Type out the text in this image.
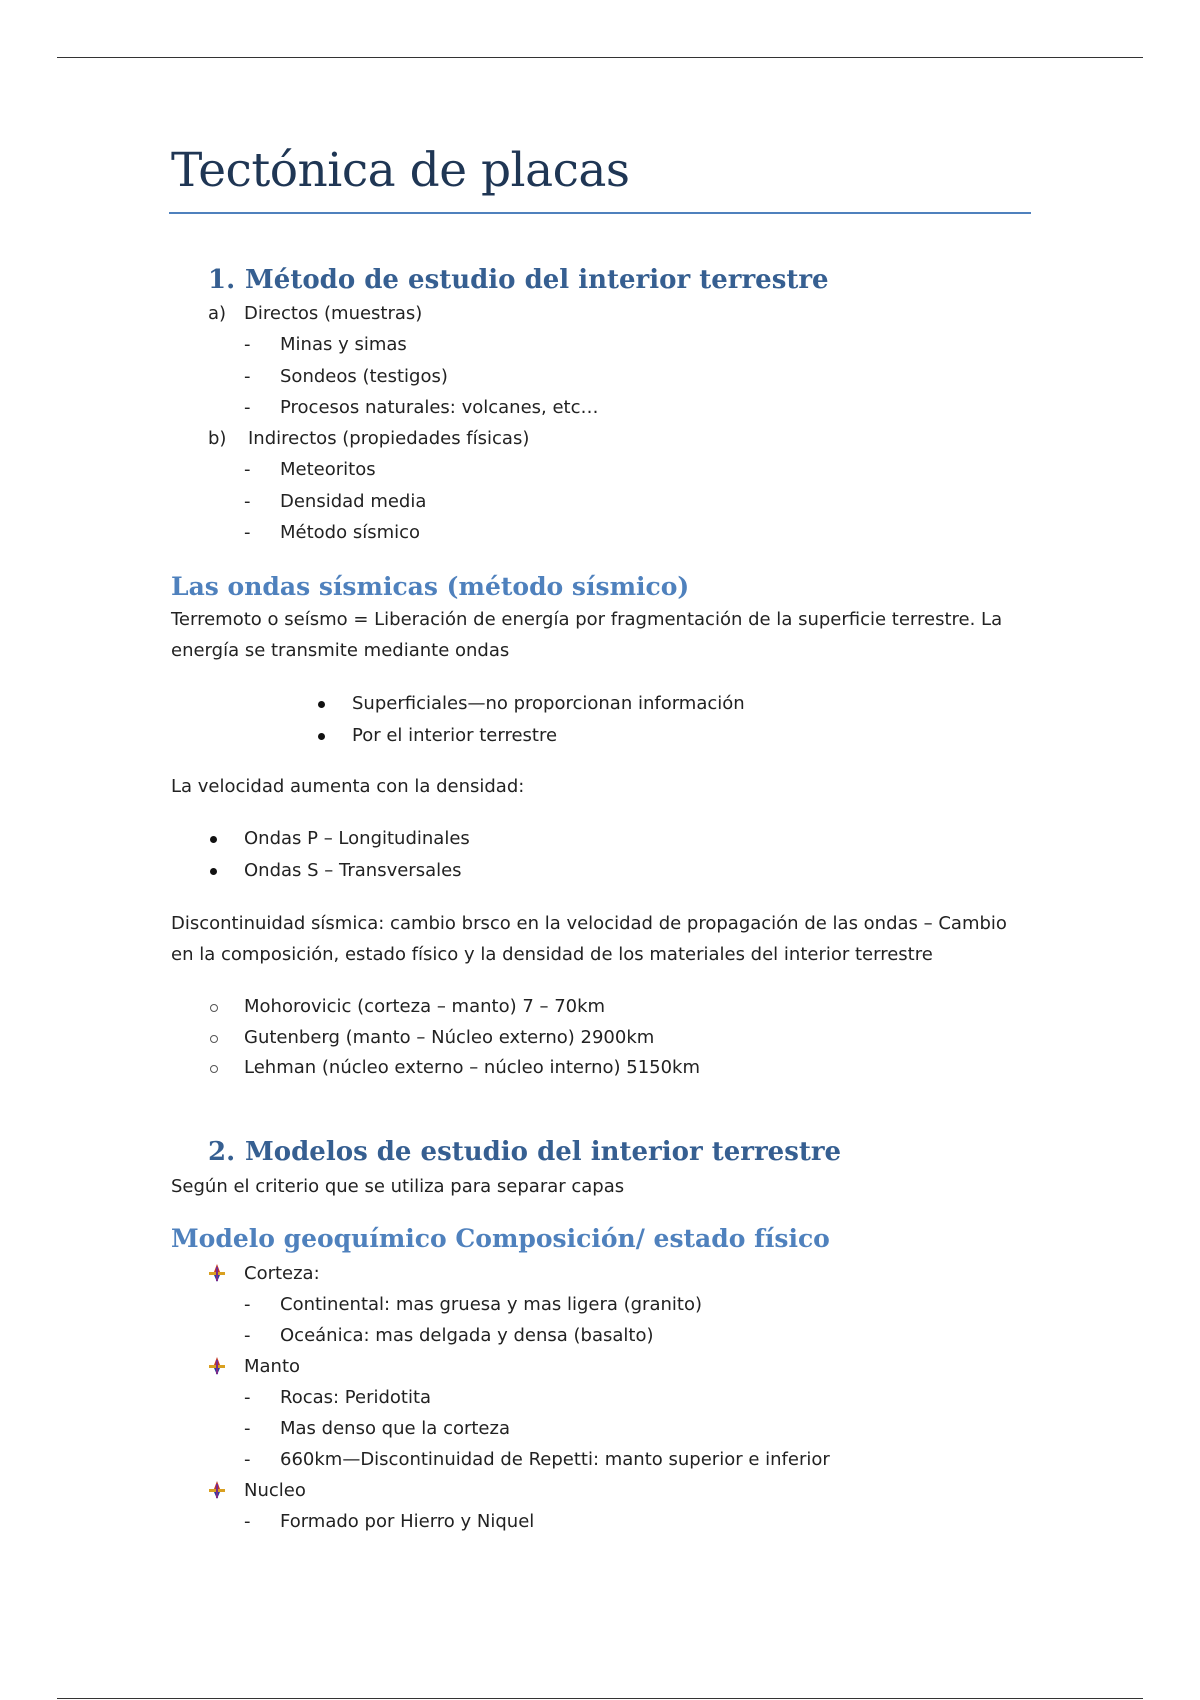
Tectónica de placas
1. Método de estudio del interior terrestre
a) Directos (muestras)
- Minas y simas
- Sondeos (testigos)
- Procesos naturales: volcanes, etc…
b) Indirectos (propiedades físicas)
- Meteoritos
- Densidad media
- Método sísmico
Las ondas sísmicas (método sísmico)
Terremoto o seísmo = Liberación de energía por fragmentación de la superficie terrestre. La energía se transmite mediante ondas
Superficiales—no proporcionan información
Por el interior terrestre
La velocidad aumenta con la densidad:
Ondas P – Longitudinales
Ondas S – Transversales
Discontinuidad sísmica: cambio brsco en la velocidad de propagación de las ondas – Cambio en la composición, estado físico y la densidad de los materiales del interior terrestre
Mohorovicic (corteza – manto) 7 – 70km
Gutenberg (manto – Núcleo externo) 2900km
Lehman (núcleo externo – núcleo interno) 5150km
2. Modelos de estudio del interior terrestre
Según el criterio que se utiliza para separar capas
Modelo geoquímico Composición/ estado físico
Corteza:
- Continental: mas gruesa y mas ligera (granito)
- Oceánica: mas delgada y densa (basalto)
Manto
- Rocas: Peridotita
- Mas denso que la corteza
- 660km—Discontinuidad de Repetti: manto superior e inferior
Nucleo
- Formado por Hierro y Niquel
